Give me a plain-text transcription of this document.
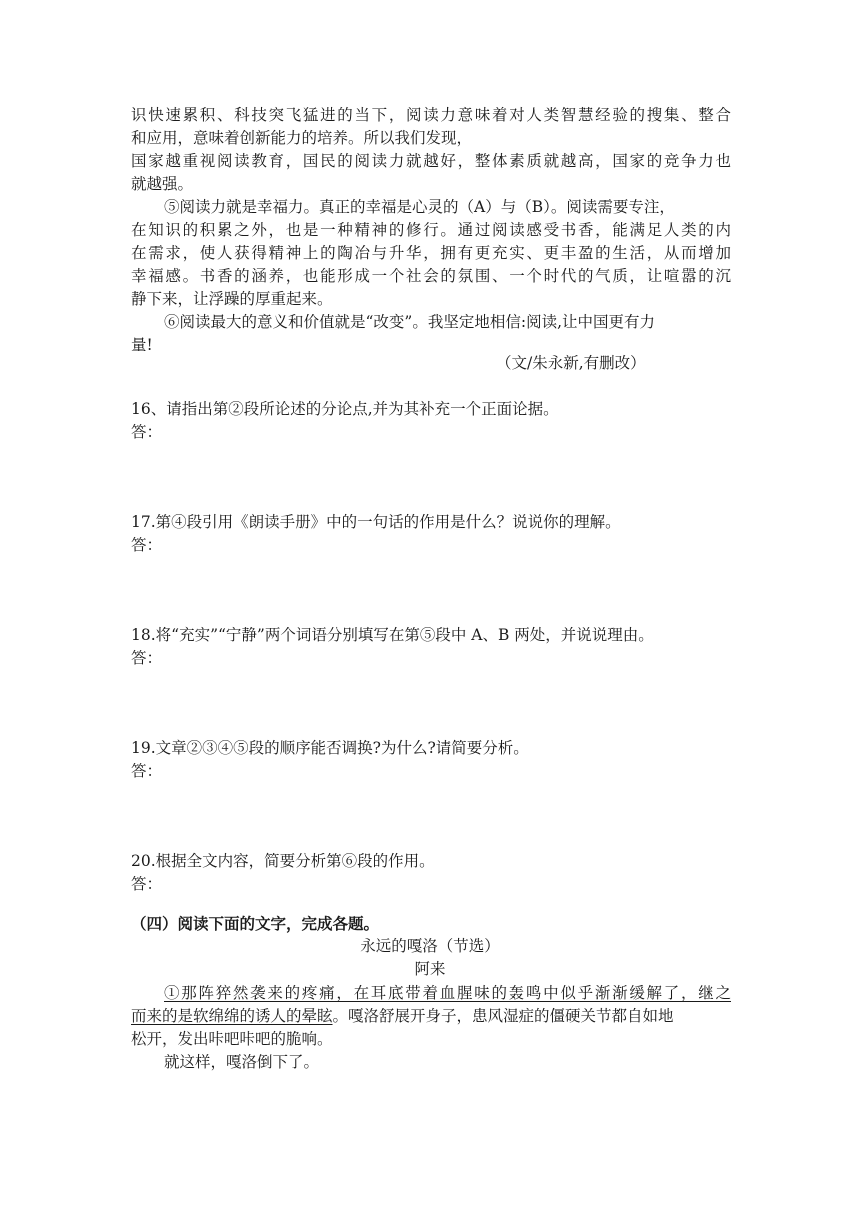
识快速累积、科技突飞猛进的当下，阅读力意味着对人类智慧经验的搜集、整合
和应用，意味着创新能力的培养。所以我们发现，
国家越重视阅读教育，国民的阅读力就越好，整体素质就越高，国家的竞争力也
就越强。
⑤阅读力就是幸福力。真正的幸福是心灵的（A）与（B）。阅读需要专注，
在知识的积累之外，也是一种精神的修行。通过阅读感受书香，能满足人类的内
在需求，使人获得精神上的陶冶与升华，拥有更充实、更丰盈的生活，从而增加
幸福感。书香的涵养，也能形成一个社会的氛围、一个时代的气质，让喧嚣的沉
静下来，让浮躁的厚重起来。
⑥阅读最大的意义和价值就是“改变”。我坚定地相信:阅读,让中国更有力
量!
（文/朱永新,有删改）
16、请指出第②段所论述的分论点,并为其补充一个正面论据。
答：
17.第④段引用《朗读手册》中的一句话的作用是什么？说说你的理解。
答：
18.将“充实”“宁静”两个词语分别填写在第⑤段中 A、B 两处，并说说理由。
答：
19.文章②③④⑤段的顺序能否调换?为什么?请简要分析。
答：
20.根据全文内容，简要分析第⑥段的作用。
答：
（四）阅读下面的文字，完成各题。
永远的嘎洛（节选）
阿来
①那阵猝然袭来的疼痛，在耳底带着血腥味的轰鸣中似乎渐渐缓解了，继之
而来的是软绵绵的诱人的晕眩。嘎洛舒展开身子，患风湿症的僵硬关节都自如地
松开，发出咔吧咔吧的脆响。
就这样，嘎洛倒下了。
